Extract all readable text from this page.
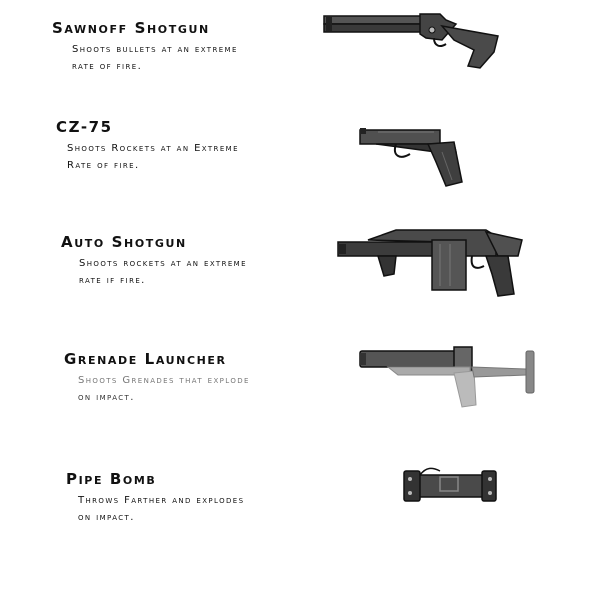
Sawnoff Shotgun

Shoots bullets at an extreme
rate of fire.

CZ-75

Shoots Rockets at an Extreme
Rate of fire.

Auto Shotgun

Shoots rockets at an extreme
rate if fire.

Grenade Launcher

Shoots Grenades that explode
on impact.

Pipe Bomb

Throws Farther and explodes
on impact.
